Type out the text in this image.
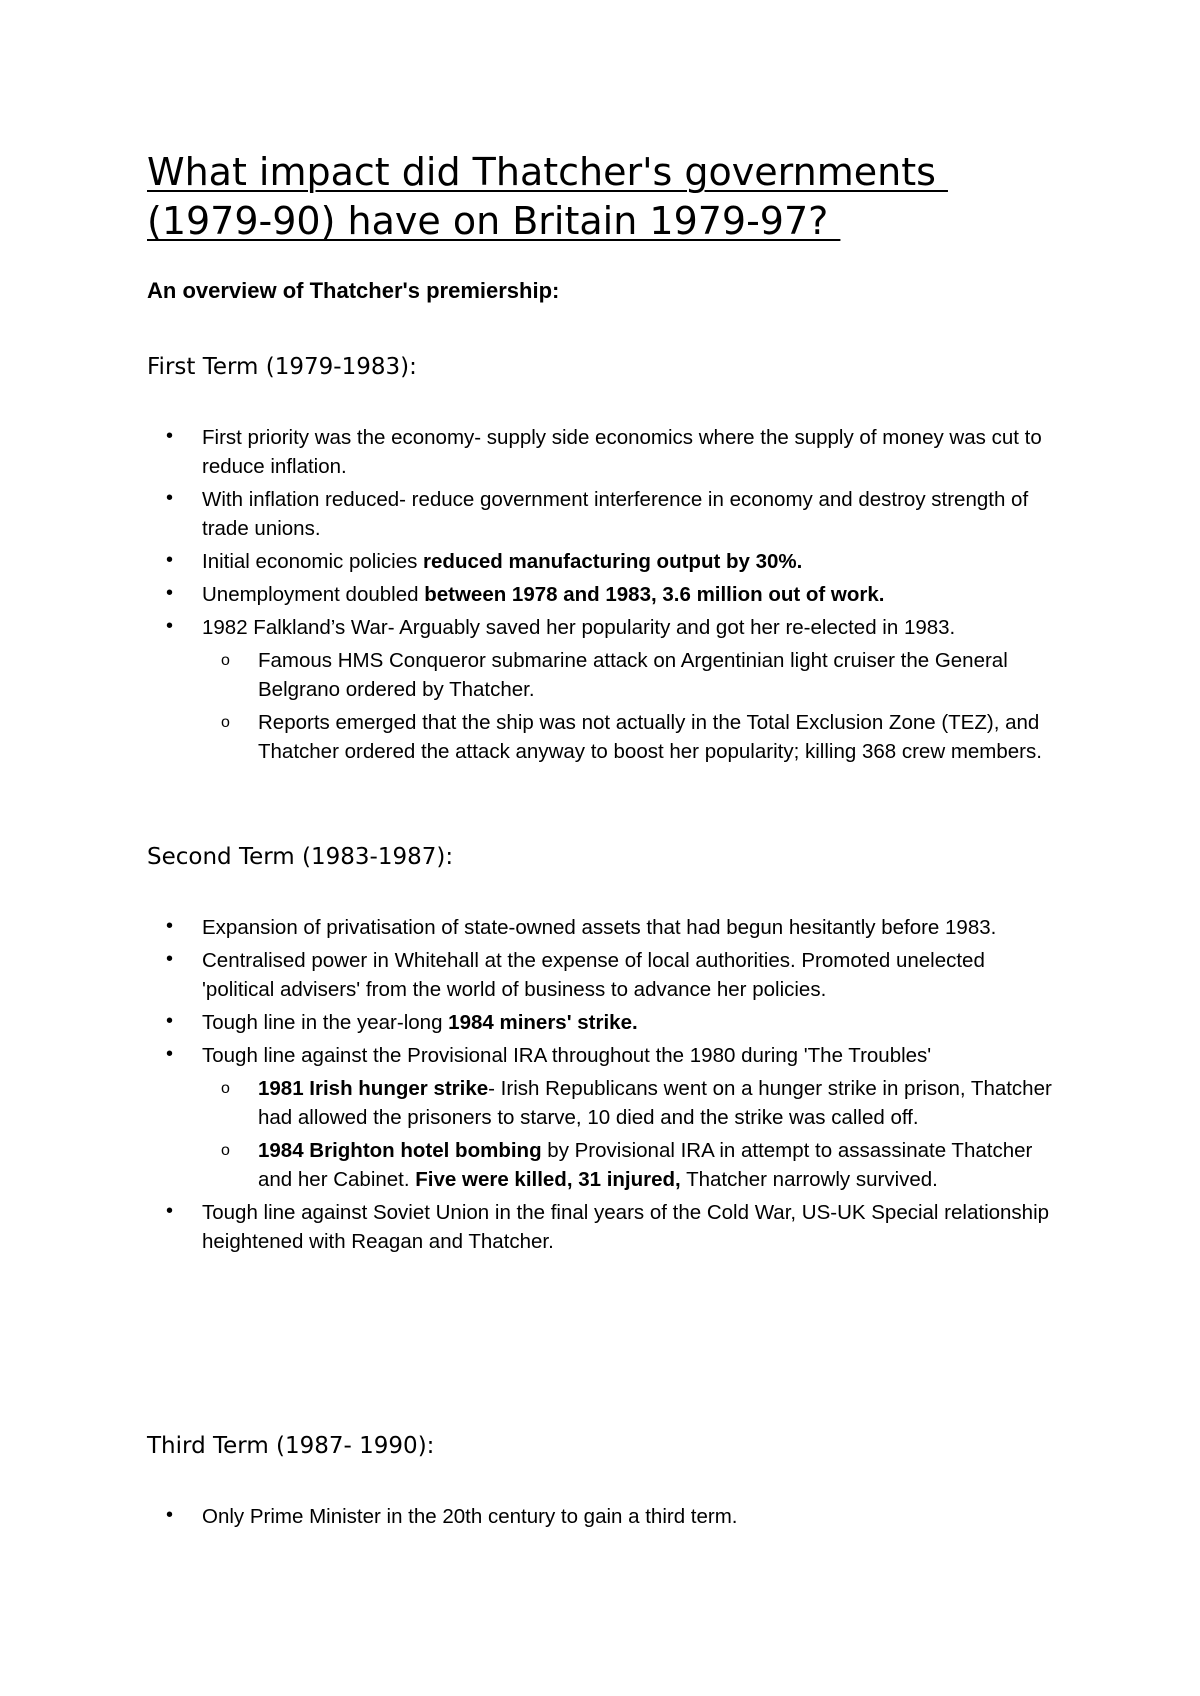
What impact did Thatcher's governments
(1979-90) have on Britain 1979-97?
An overview of Thatcher's premiership:
First Term (1979-1983):
• First priority was the economy- supply side economics where the supply of money was cut to reduce inflation.
• With inflation reduced- reduce government interference in economy and destroy strength of trade unions.
• Initial economic policies reduced manufacturing output by 30%.
• Unemployment doubled between 1978 and 1983, 3.6 million out of work.
• 1982 Falkland’s War- Arguably saved her popularity and got her re-elected in 1983.
o Famous HMS Conqueror submarine attack on Argentinian light cruiser the General Belgrano ordered by Thatcher.
o Reports emerged that the ship was not actually in the Total Exclusion Zone (TEZ), and Thatcher ordered the attack anyway to boost her popularity; killing 368 crew members.
Second Term (1983-1987):
• Expansion of privatisation of state-owned assets that had begun hesitantly before 1983.
• Centralised power in Whitehall at the expense of local authorities. Promoted unelected 'political advisers' from the world of business to advance her policies.
• Tough line in the year-long 1984 miners' strike.
• Tough line against the Provisional IRA throughout the 1980 during 'The Troubles'
o 1981 Irish hunger strike- Irish Republicans went on a hunger strike in prison, Thatcher had allowed the prisoners to starve, 10 died and the strike was called off.
o 1984 Brighton hotel bombing by Provisional IRA in attempt to assassinate Thatcher and her Cabinet. Five were killed, 31 injured, Thatcher narrowly survived.
• Tough line against Soviet Union in the final years of the Cold War, US-UK Special relationship heightened with Reagan and Thatcher.
Third Term (1987- 1990):
• Only Prime Minister in the 20th century to gain a third term.
